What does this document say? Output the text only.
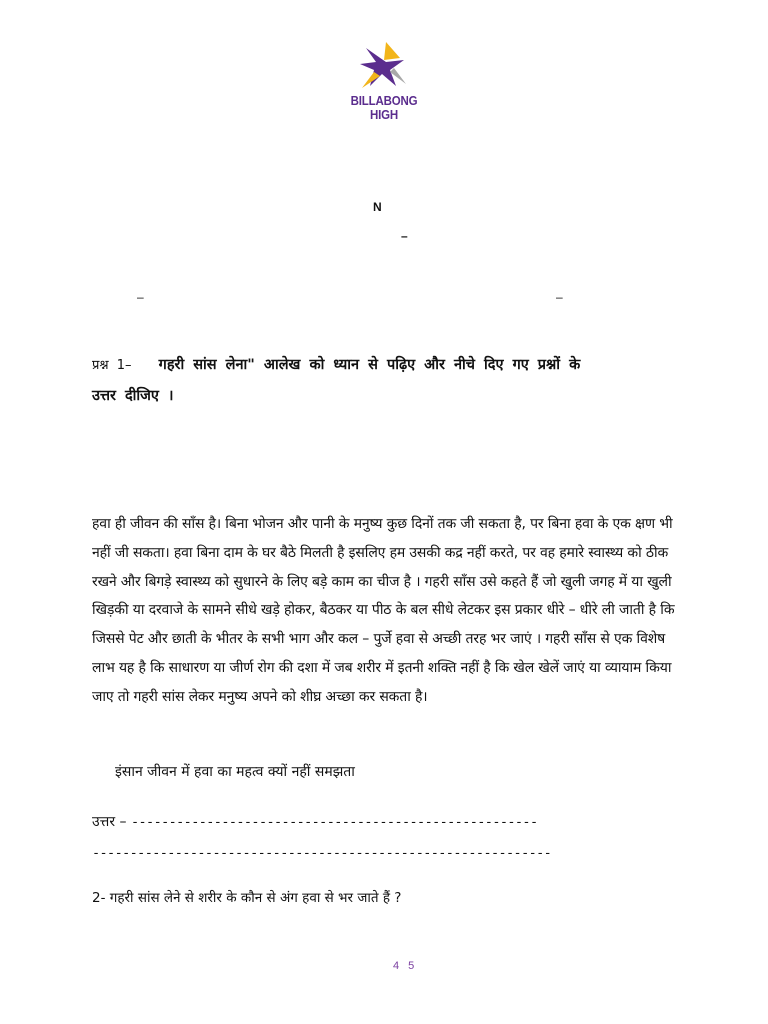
BILLABONG HIGH
N
–
–	–
प्रश्न 1– गहरी सांस लेना" आलेख को ध्यान से पढ़िए और नीचे दिए गए प्रश्नों के
उत्तर दीजिए ।
हवा ही जीवन की साँस है। बिना भोजन और पानी के मनुष्य कुछ दिनों तक जी सकता है, पर बिना हवा के एक क्षण भी नहीं जी सकता। हवा बिना दाम के घर बैठे मिलती है इसलिए हम उसकी कद्र नहीं करते, पर वह हमारे स्वास्थ्य को ठीक रखने और बिगड़े स्वास्थ्य को सुधारने के लिए बड़े काम का चीज है । गहरी साँस उसे कहते हैं जो खुली जगह में या खुली खिड़की या दरवाजे के सामने सीधे खड़े होकर, बैठकर या पीठ के बल सीधे लेटकर इस प्रकार धीरे – धीरे ली जाती है कि जिससे पेट और छाती के भीतर के सभी भाग और कल – पुर्जे हवा से अच्छी तरह भर जाएं । गहरी साँस से एक विशेष लाभ यह है कि साधारण या जीर्ण रोग की दशा में जब शरीर में इतनी शक्ति नहीं है कि खेल खेलें जाएं या व्यायाम किया जाए तो गहरी सांस लेकर मनुष्य अपने को शीघ्र अच्छा कर सकता है।
इंसान जीवन में हवा का महत्व क्यों नहीं समझता
उत्तर – ------------------------------------------------------
-------------------------------------------------------------
2- गहरी सांस लेने से शरीर के कौन से अंग हवा से भर जाते हैं ?
4 5
